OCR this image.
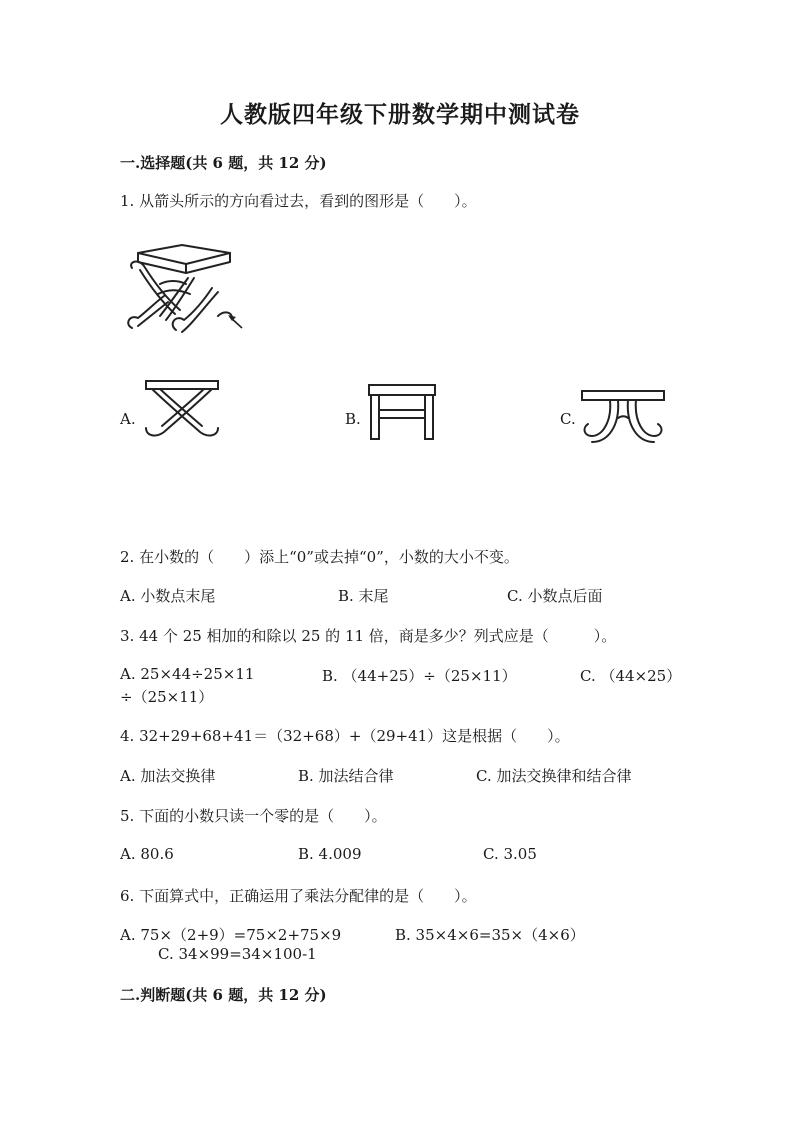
人教版四年级下册数学期中测试卷
一.选择题(共 6 题，共 12 分)
1. 从箭头所示的方向看过去，看到的图形是（　　）。
A.	B.	C.
2. 在小数的（　　）添上“0”或去掉“0”，小数的大小不变。
A. 小数点末尾	B. 末尾	C. 小数点后面
3. 44 个 25 相加的和除以 25 的 11 倍，商是多少？列式应是（　　　）。
A. 25×44÷25×11	B. （44+25）÷（25×11）	C. （44×25）
÷（25×11）
4. 32+29+68+41＝（32+68）+（29+41）这是根据（　　）。
A. 加法交换律	B. 加法结合律	C. 加法交换律和结合律
5. 下面的小数只读一个零的是（　　）。
A. 80.6	B. 4.009	C. 3.05
6. 下面算式中，正确运用了乘法分配律的是（　　）。
A. 75×（2+9）=75×2+75×9	B. 35×4×6=35×（4×6）
C. 34×99=34×100-1
二.判断题(共 6 题，共 12 分)
